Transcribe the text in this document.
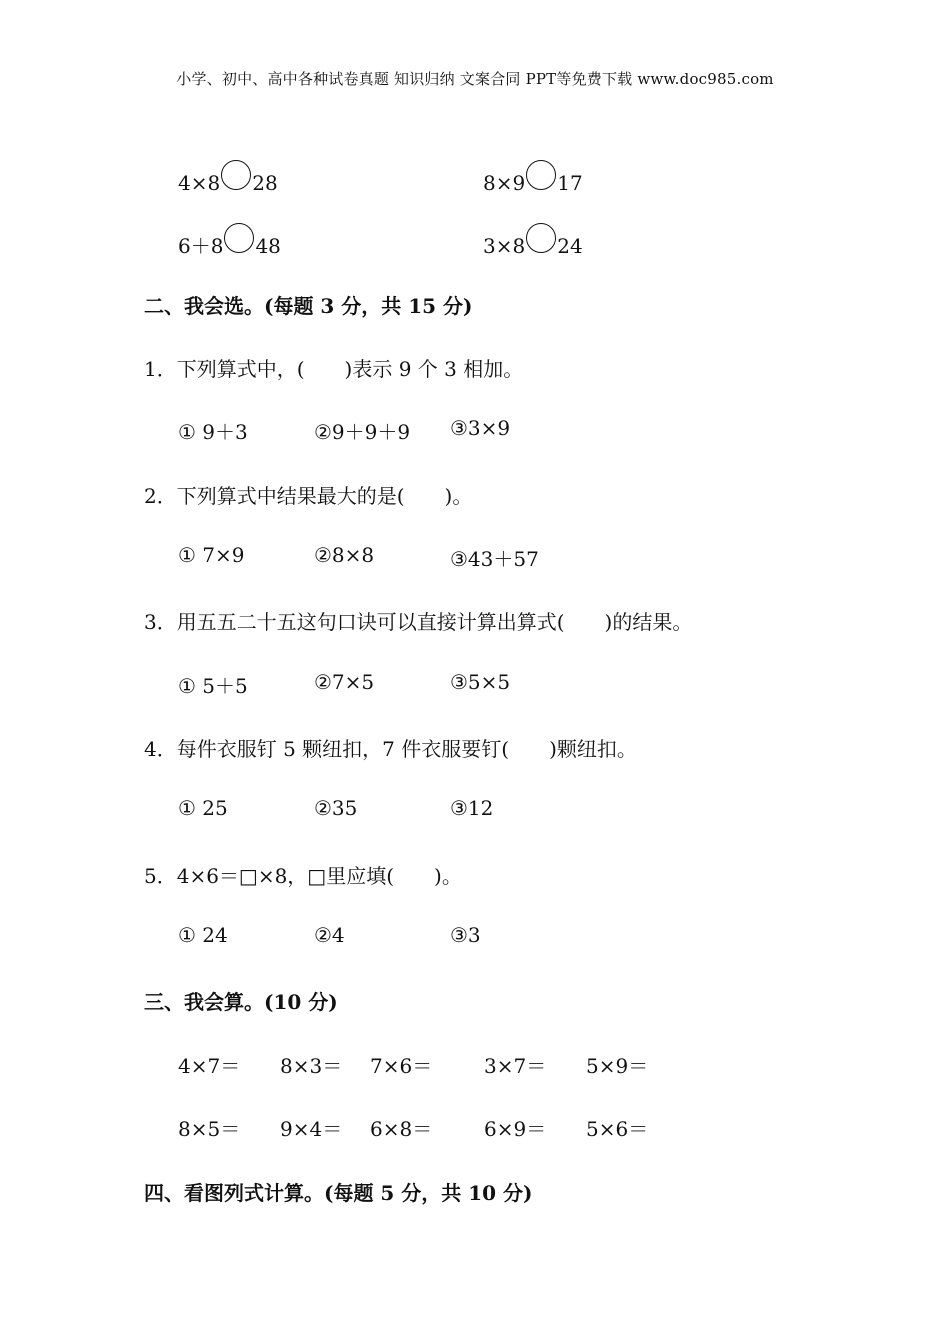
小学、初中、高中各种试卷真题 知识归纳 文案合同 PPT等免费下载 www.doc985.com
4×8 28	8×9 17
6＋8 48	3×8 24
二、我会选。(每题 3 分，共 15 分)
1．下列算式中，( )表示 9 个 3 相加。
① 9＋3	②9＋9＋9 ③3×9
2．下列算式中结果最大的是( )。
① 7×9	②8×8	③43＋57
3．用五五二十五这句口诀可以直接计算出算式( )的结果。
① 5＋5	②7×5	③5×5
4．每件衣服钉 5 颗纽扣，7 件衣服要钉( )颗纽扣。
① 25	②35	③12
5．4×6＝□×8，□里应填( )。
① 24	②4	③3
三、我会算。(10 分)
4×7＝ 8×3＝ 7×6＝	3×7＝ 5×9＝
8×5＝ 9×4＝ 6×8＝	6×9＝ 5×6＝
四、看图列式计算。(每题 5 分，共 10 分)
